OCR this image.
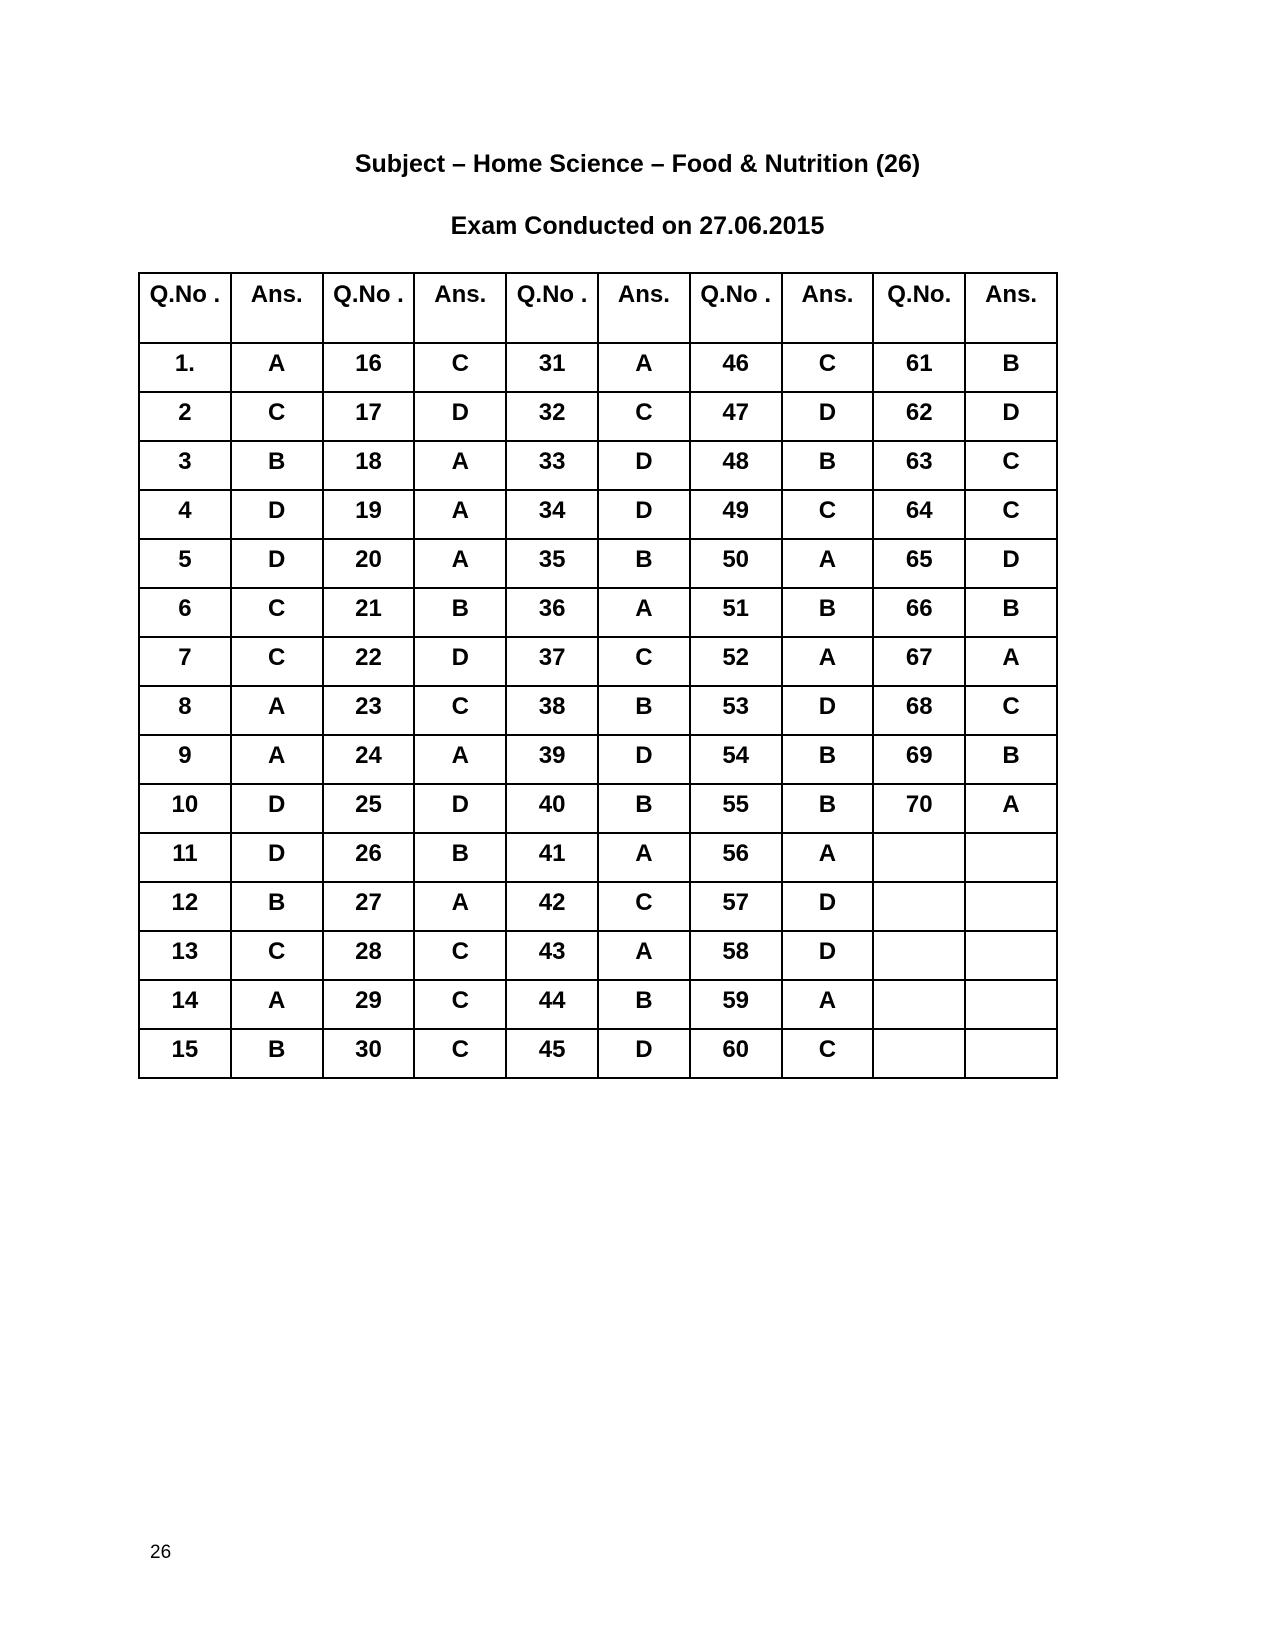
Subject – Home Science – Food & Nutrition (26)
Exam Conducted on 27.06.2015
Q.No .	Ans.	Q.No .	Ans.	Q.No .	Ans.	Q.No .	Ans.	Q.No.	Ans.

1.	A	16	C	31	A	46	C	61	B
2	C	17	D	32	C	47	D	62	D
3	B	18	A	33	D	48	B	63	C
4	D	19	A	34	D	49	C	64	C
5	D	20	A	35	B	50	A	65	D
6	C	21	B	36	A	51	B	66	B
7	C	22	D	37	C	52	A	67	A
8	A	23	C	38	B	53	D	68	C
9	A	24	A	39	D	54	B	69	B
10	D	25	D	40	B	55	B	70	A
11	D	26	B	41	A	56	A		
12	B	27	A	42	C	57	D		
13	C	28	C	43	A	58	D		
14	A	29	C	44	B	59	A		
15	B	30	C	45	D	60	C		
26
